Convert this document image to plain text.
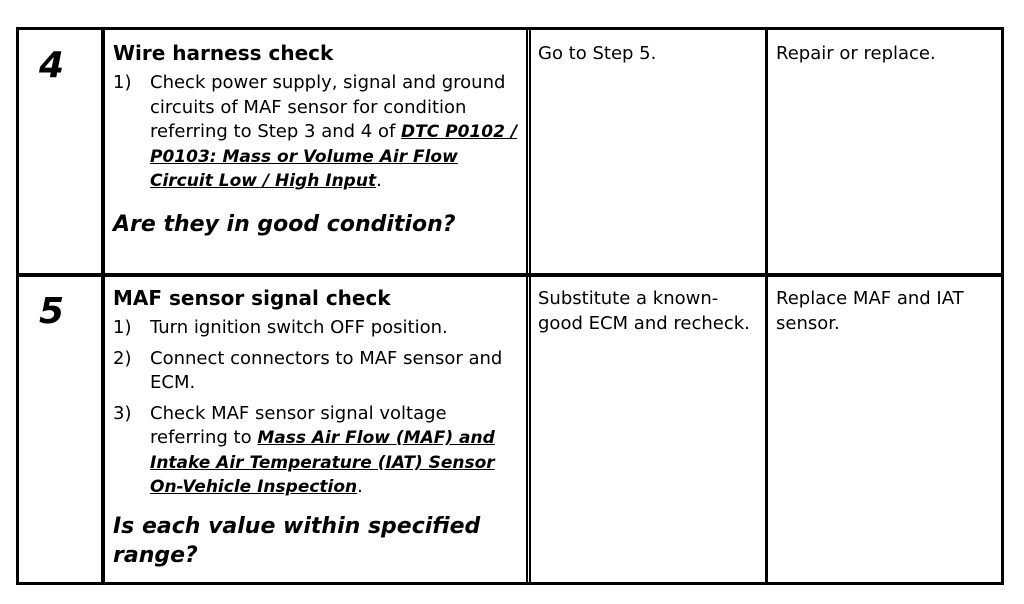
4 Wire harness check

1) Check power supply, signal and ground circuits of MAF sensor for condition referring to Step 3 and 4 of DTC P0102 / P0103: Mass or Volume Air Flow Circuit Low / High Input.

Are they in good condition?

Go to Step 5.	Repair or replace.

5 MAF sensor signal check

1) Turn ignition switch OFF position.
2) Connect connectors to MAF sensor and ECM.
3) Check MAF sensor signal voltage referring to Mass Air Flow (MAF) and Intake Air Temperature (IAT) Sensor On-Vehicle Inspection.

Is each value within specified range?

Substitute a known-good ECM and recheck.

Replace MAF and IAT sensor.
